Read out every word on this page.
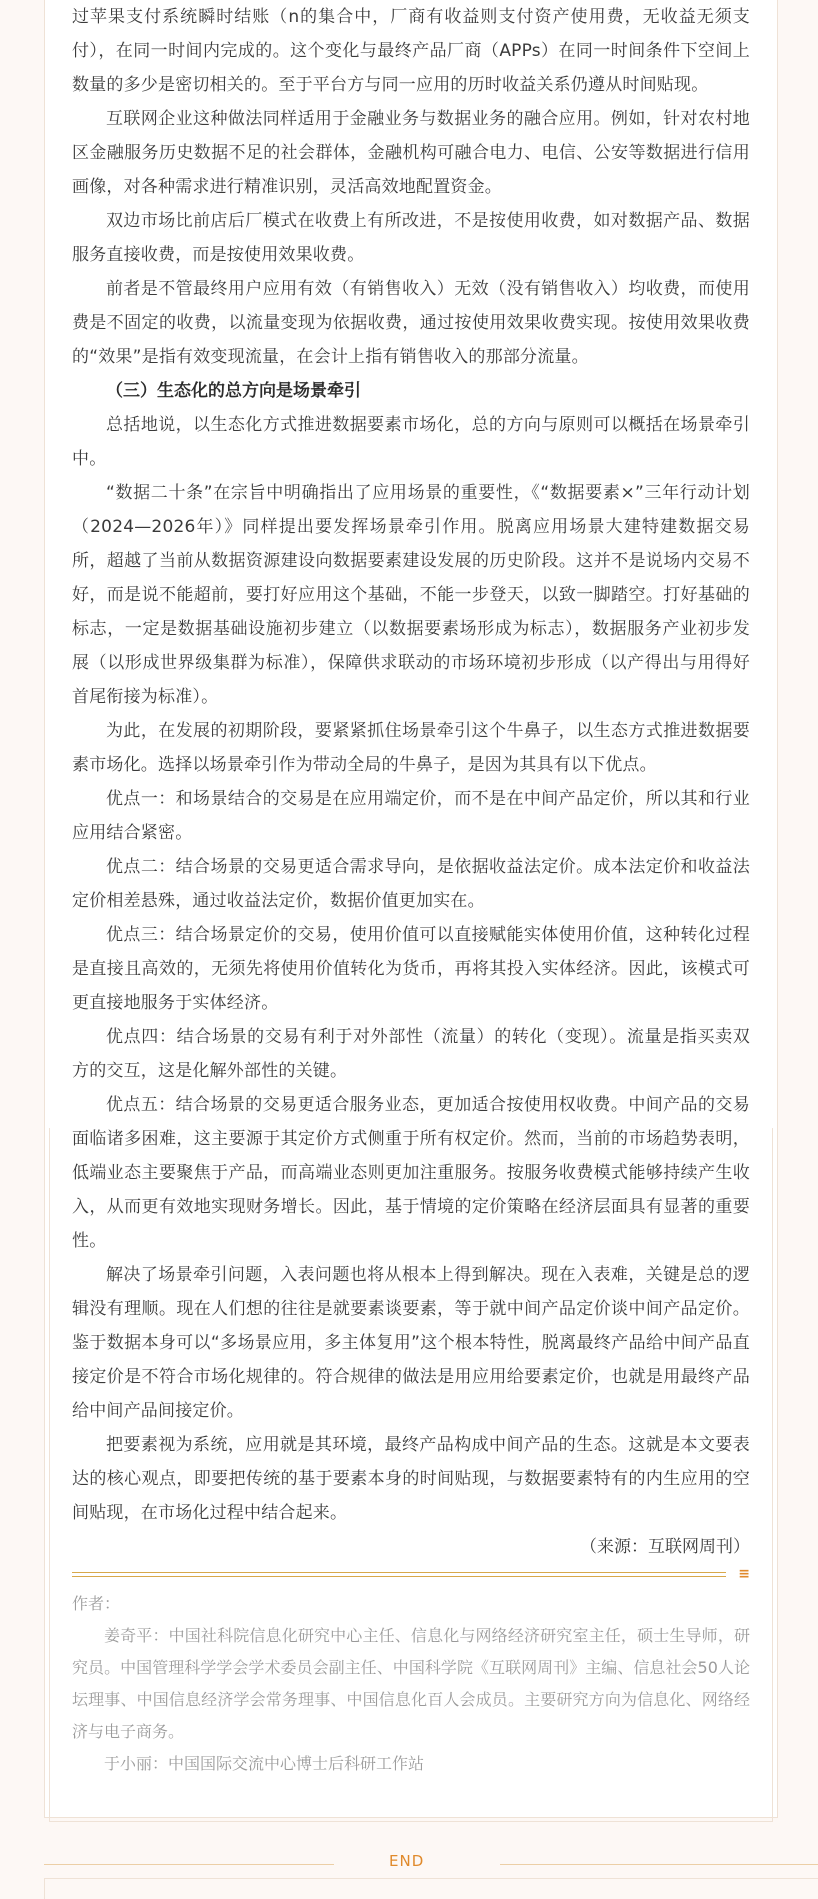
过苹果支付系统瞬时结账（n的集合中，厂商有收益则支付资产使用费，无收益无须支付），在同一时间内完成的。这个变化与最终产品厂商（APPs）在同一时间条件下空间上数量的多少是密切相关的。至于平台方与同一应用的历时收益关系仍遵从时间贴现。

互联网企业这种做法同样适用于金融业务与数据业务的融合应用。例如，针对农村地区金融服务历史数据不足的社会群体，金融机构可融合电力、电信、公安等数据进行信用画像，对各种需求进行精准识别，灵活高效地配置资金。

双边市场比前店后厂模式在收费上有所改进，不是按使用收费，如对数据产品、数据服务直接收费，而是按使用效果收费。

前者是不管最终用户应用有效（有销售收入）无效（没有销售收入）均收费，而使用费是不固定的收费，以流量变现为依据收费，通过按使用效果收费实现。按使用效果收费的“效果”是指有效变现流量，在会计上指有销售收入的那部分流量。

（三）生态化的总方向是场景牵引

总括地说，以生态化方式推进数据要素市场化，总的方向与原则可以概括在场景牵引中。

“数据二十条”在宗旨中明确指出了应用场景的重要性，《“数据要素×”三年行动计划（2024—2026年）》同样提出要发挥场景牵引作用。脱离应用场景大建特建数据交易所，超越了当前从数据资源建设向数据要素建设发展的历史阶段。这并不是说场内交易不好，而是说不能超前，要打好应用这个基础，不能一步登天，以致一脚踏空。打好基础的标志，一定是数据基础设施初步建立（以数据要素场形成为标志），数据服务产业初步发展（以形成世界级集群为标准），保障供求联动的市场环境初步形成（以产得出与用得好首尾衔接为标准）。

为此，在发展的初期阶段，要紧紧抓住场景牵引这个牛鼻子，以生态方式推进数据要素市场化。选择以场景牵引作为带动全局的牛鼻子，是因为其具有以下优点。

优点一：和场景结合的交易是在应用端定价，而不是在中间产品定价，所以其和行业应用结合紧密。

优点二：结合场景的交易更适合需求导向，是依据收益法定价。成本法定价和收益法定价相差悬殊，通过收益法定价，数据价值更加实在。

优点三：结合场景定价的交易，使用价值可以直接赋能实体使用价值，这种转化过程是直接且高效的，无须先将使用价值转化为货币，再将其投入实体经济。因此，该模式可更直接地服务于实体经济。

优点四：结合场景的交易有利于对外部性（流量）的转化（变现）。流量是指买卖双方的交互，这是化解外部性的关键。

优点五：结合场景的交易更适合服务业态，更加适合按使用权收费。中间产品的交易面临诸多困难，这主要源于其定价方式侧重于所有权定价。然而，当前的市场趋势表明，低端业态主要聚焦于产品，而高端业态则更加注重服务。按服务收费模式能够持续产生收入，从而更有效地实现财务增长。因此，基于情境的定价策略在经济层面具有显著的重要性。

解决了场景牵引问题，入表问题也将从根本上得到解决。现在入表难，关键是总的逻辑没有理顺。现在人们想的往往是就要素谈要素，等于就中间产品定价谈中间产品定价。鉴于数据本身可以“多场景应用，多主体复用”这个根本特性，脱离最终产品给中间产品直接定价是不符合市场化规律的。符合规律的做法是用应用给要素定价，也就是用最终产品给中间产品间接定价。

把要素视为系统，应用就是其环境，最终产品构成中间产品的生态。这就是本文要表达的核心观点，即要把传统的基于要素本身的时间贴现，与数据要素特有的内生应用的空间贴现，在市场化过程中结合起来。

（来源：互联网周刊）

≡

作者：

姜奇平：中国社科院信息化研究中心主任、信息化与网络经济研究室主任，硕士生导师，研究员。中国管理科学学会学术委员会副主任、中国科学院《互联网周刊》主编、信息社会50人论坛理事、中国信息经济学会常务理事、中国信息化百人会成员。主要研究方向为信息化、网络经济与电子商务。

于小丽：中国国际交流中心博士后科研工作站

END
